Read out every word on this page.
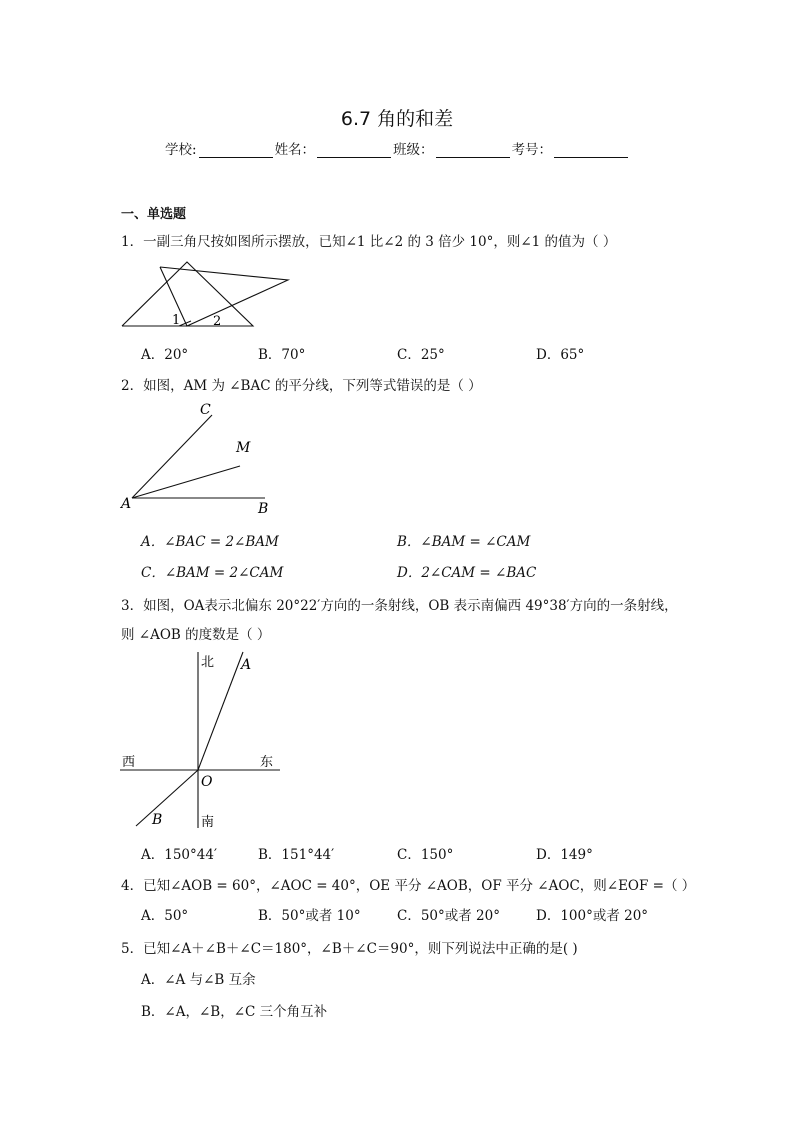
6.7 角的和差
学校:	姓名：	班级：	考号：
一、单选题
1．一副三角尺按如图所示摆放，已知∠1 比∠2 的 3 倍少 10°，则∠1 的值为（ ）
1	2
A．20°	B．70°	C．25°	D．65°
2．如图，AM 为 ∠BAC 的平分线，下列等式错误的是（ ）
C
M
A	B
A．∠BAC = 2∠BAM	B．∠BAM = ∠CAM
C．∠BAM = 2∠CAM	D．2∠CAM = ∠BAC
3．如图，OA表示北偏东 20°22′方向的一条射线，OB 表示南偏西 49°38′方向的一条射线，
则 ∠AOB 的度数是（ ）
北 A
西	东
O
B	南
A．150°44′	B．151°44′	C．150°	D．149°
4．已知∠AOB = 60°，∠AOC = 40°，OE 平分 ∠AOB，OF 平分 ∠AOC，则∠EOF =（ ）
A．50°	B．50°或者 10°	C．50°或者 20°	D．100°或者 20°
5．已知∠A＋∠B＋∠C＝180°，∠B＋∠C＝90°，则下列说法中正确的是( )
A．∠A 与∠B 互余
B．∠A，∠B，∠C 三个角互补
